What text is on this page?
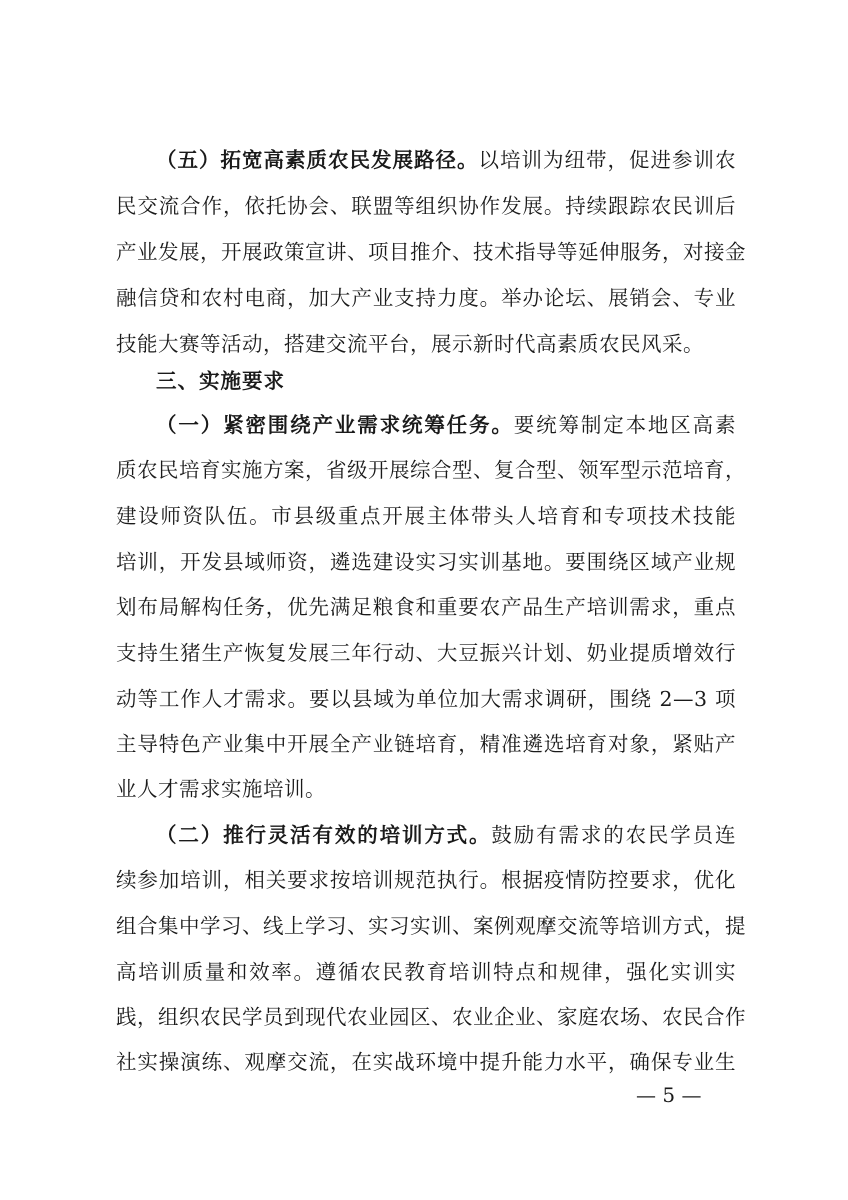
（五）拓宽高素质农民发展路径。以培训为纽带，促进参训农
民交流合作，依托协会、联盟等组织协作发展。持续跟踪农民训后
产业发展，开展政策宣讲、项目推介、技术指导等延伸服务，对接金
融信贷和农村电商，加大产业支持力度。举办论坛、展销会、专业
技能大赛等活动，搭建交流平台，展示新时代高素质农民风采。
三、实施要求
（一）紧密围绕产业需求统筹任务。要统筹制定本地区高素
质农民培育实施方案，省级开展综合型、复合型、领军型示范培育，
建设师资队伍。市县级重点开展主体带头人培育和专项技术技能
培训，开发县域师资，遴选建设实习实训基地。要围绕区域产业规
划布局解构任务，优先满足粮食和重要农产品生产培训需求，重点
支持生猪生产恢复发展三年行动、大豆振兴计划、奶业提质增效行
动等工作人才需求。要以县域为单位加大需求调研，围绕 2—3 项
主导特色产业集中开展全产业链培育，精准遴选培育对象，紧贴产
业人才需求实施培训。
（二）推行灵活有效的培训方式。鼓励有需求的农民学员连
续参加培训，相关要求按培训规范执行。根据疫情防控要求，优化
组合集中学习、线上学习、实习实训、案例观摩交流等培训方式，提
高培训质量和效率。遵循农民教育培训特点和规律，强化实训实
践，组织农民学员到现代农业园区、农业企业、家庭农场、农民合作
社实操演练、观摩交流，在实战环境中提升能力水平，确保专业生
— 5 —
